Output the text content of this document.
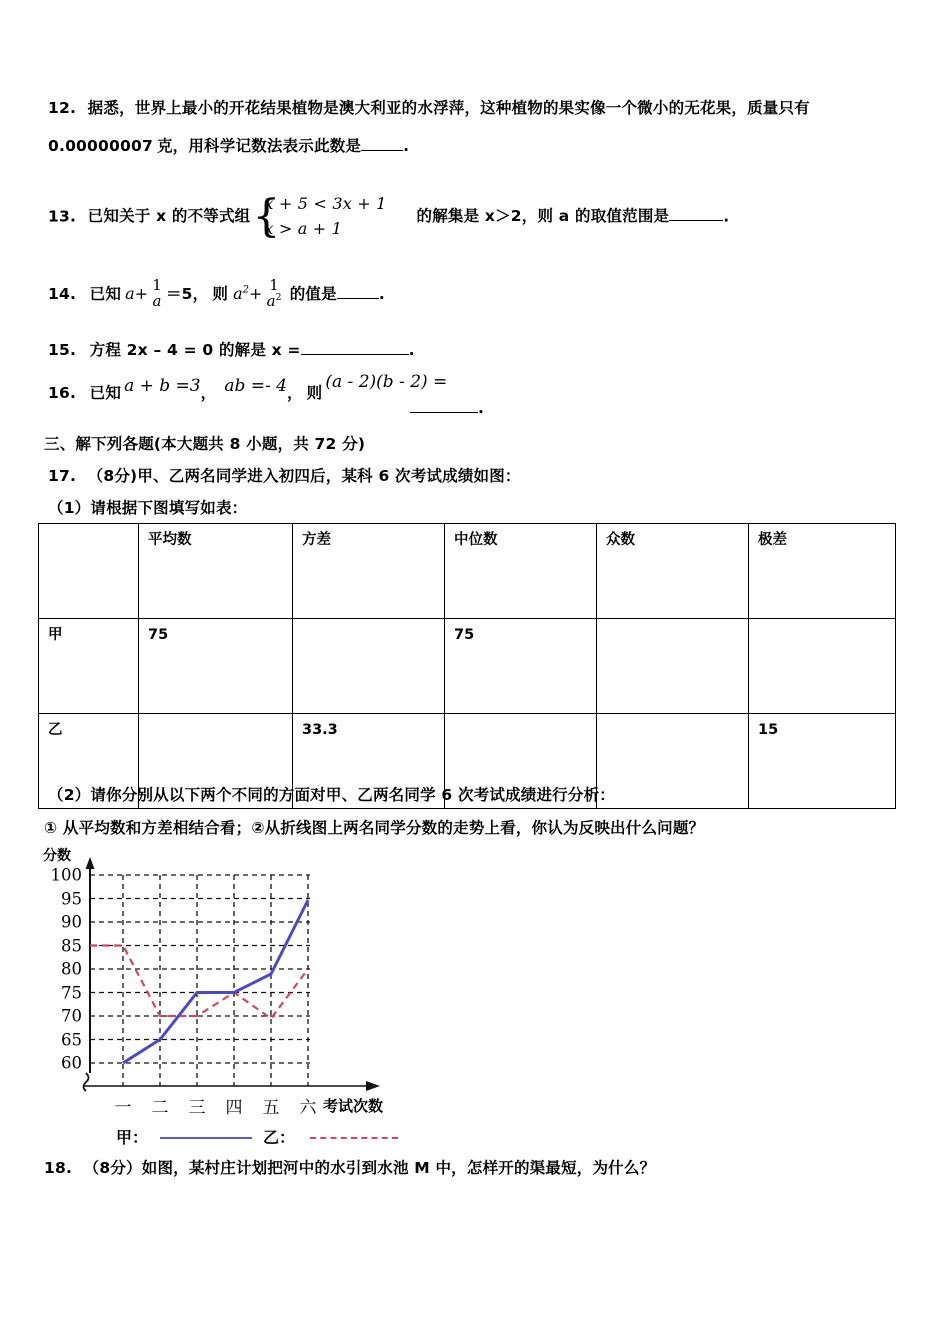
12. 据悉，世界上最小的开花结果植物是澳大利亚的水浮萍，这种植物的果实像一个微小的无花果，质量只有
0.00000007 克，用科学记数法表示此数是	.
13. 已知关于 x 的不等式组 {
x + 5 < 3x + 1
x > a + 1
的解集是 x＞2，则 a 的取值范围是	.
14. 已知 a+ 1
a ＝5， 则 $a^2+ 1$
$a^2$ 的值是	.
15. 方程 2x – 4 = 0 的解是 x =	.
16. 已知 a + b =3， ab =- 4， 则(a - 2)(b - 2) =
.
三、解下列各题(本大题共 8 小题，共 72 分)
17. （8分)甲、乙两名同学进入初四后，某科 6 次考试成绩如图：
（1）请根据下图填写如表：
	平均数	方差	中位数	众数	极差
甲	75		75		
乙		33.3			15
（2）请你分别从以下两个不同的方面对甲、乙两名同学 6 次考试成绩进行分析：
① 从平均数和方差相结合看；②从折线图上两名同学分数的走势上看，你认为反映出什么问题？
分数
100
95
90
85
80
75
70
65
60
一 二 三 四 五 六 考试次数
甲：	乙：
18. （8分）如图，某村庄计划把河中的水引到水池 M 中，怎样开的渠最短，为什么？
